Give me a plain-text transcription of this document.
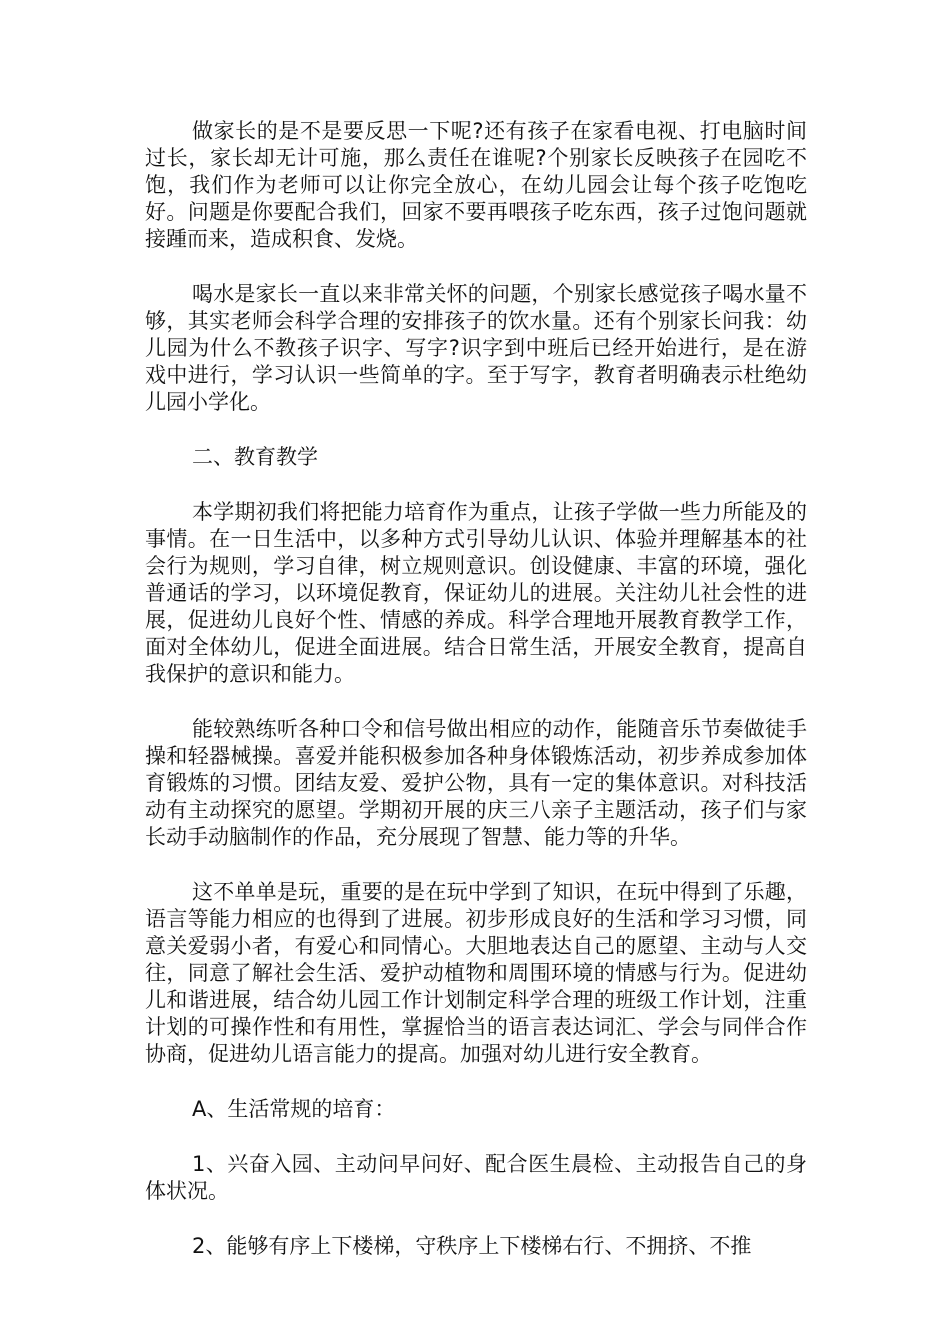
做家长的是不是要反思一下呢?还有孩子在家看电视、打电脑时间过长，家长却无计可施，那么责任在谁呢?个别家长反映孩子在园吃不饱，我们作为老师可以让你完全放心，在幼儿园会让每个孩子吃饱吃好。问题是你要配合我们，回家不要再喂孩子吃东西，孩子过饱问题就接踵而来，造成积食、发烧。

喝水是家长一直以来非常关怀的问题，个别家长感觉孩子喝水量不够，其实老师会科学合理的安排孩子的饮水量。还有个别家长问我：幼儿园为什么不教孩子识字、写字?识字到中班后已经开始进行，是在游戏中进行，学习认识一些简单的字。至于写字，教育者明确表示杜绝幼儿园小学化。

二、教育教学

本学期初我们将把能力培育作为重点，让孩子学做一些力所能及的事情。在一日生活中，以多种方式引导幼儿认识、体验并理解基本的社会行为规则，学习自律，树立规则意识。创设健康、丰富的环境，强化普通话的学习，以环境促教育，保证幼儿的进展。关注幼儿社会性的进展，促进幼儿良好个性、情感的养成。科学合理地开展教育教学工作，面对全体幼儿，促进全面进展。结合日常生活，开展安全教育，提高自我保护的意识和能力。

能较熟练听各种口令和信号做出相应的动作，能随音乐节奏做徒手操和轻器械操。喜爱并能积极参加各种身体锻炼活动，初步养成参加体育锻炼的习惯。团结友爱、爱护公物，具有一定的集体意识。对科技活动有主动探究的愿望。学期初开展的庆三八亲子主题活动，孩子们与家长动手动脑制作的作品，充分展现了智慧、能力等的升华。

这不单单是玩，重要的是在玩中学到了知识，在玩中得到了乐趣，语言等能力相应的也得到了进展。初步形成良好的生活和学习习惯，同意关爱弱小者，有爱心和同情心。大胆地表达自己的愿望、主动与人交往，同意了解社会生活、爱护动植物和周围环境的情感与行为。促进幼儿和谐进展，结合幼儿园工作计划制定科学合理的班级工作计划，注重计划的可操作性和有用性，掌握恰当的语言表达词汇、学会与同伴合作协商，促进幼儿语言能力的提高。加强对幼儿进行安全教育。

A、生活常规的培育：

1、兴奋入园、主动问早问好、配合医生晨检、主动报告自己的身体状况。

2、能够有序上下楼梯，守秩序上下楼梯右行、不拥挤、不推
